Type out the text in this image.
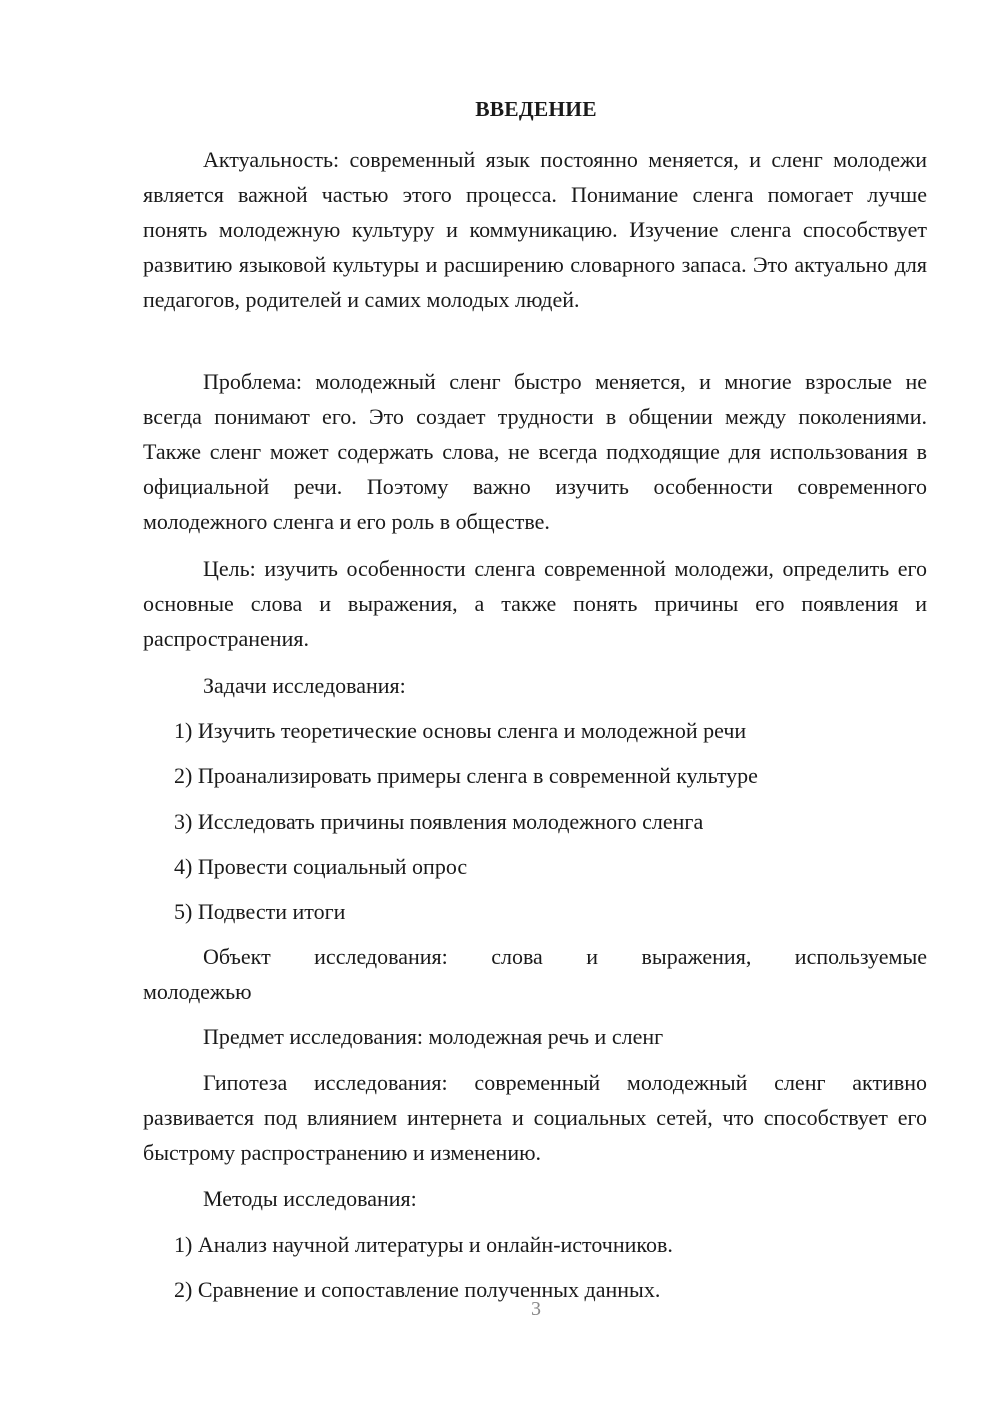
ВВЕДЕНИЕ

Актуальность: современный язык постоянно меняется, и сленг молодежи является важной частью этого процесса. Понимание сленга помогает лучше понять молодежную культуру и коммуникацию. Изучение сленга способствует развитию языковой культуры и расширению словарного запаса. Это актуально для педагогов, родителей и самих молодых людей.

Проблема: молодежный сленг быстро меняется, и многие взрослые не всегда понимают его. Это создает трудности в общении между поколениями. Также сленг может содержать слова, не всегда подходящие для использования в официальной речи. Поэтому важно изучить особенности современного молодежного сленга и его роль в обществе.

Цель: изучить особенности сленга современной молодежи, определить его основные слова и выражения, а также понять причины его появления и распространения.

Задачи исследования:

1) Изучить теоретические основы сленга и молодежной речи

2) Проанализировать примеры сленга в современной культуре

3) Исследовать причины появления молодежного сленга

4) Провести социальный опрос

5) Подвести итоги

Объект исследования: слова и выражения, используемые

молодежью

Предмет исследования: молодежная речь и сленг

Гипотеза исследования: современный молодежный сленг активно развивается под влиянием интернета и социальных сетей, что способствует его быстрому распространению и изменению.

Методы исследования:

1) Анализ научной литературы и онлайн-источников.

2) Сравнение и сопоставление полученных данных.

3
